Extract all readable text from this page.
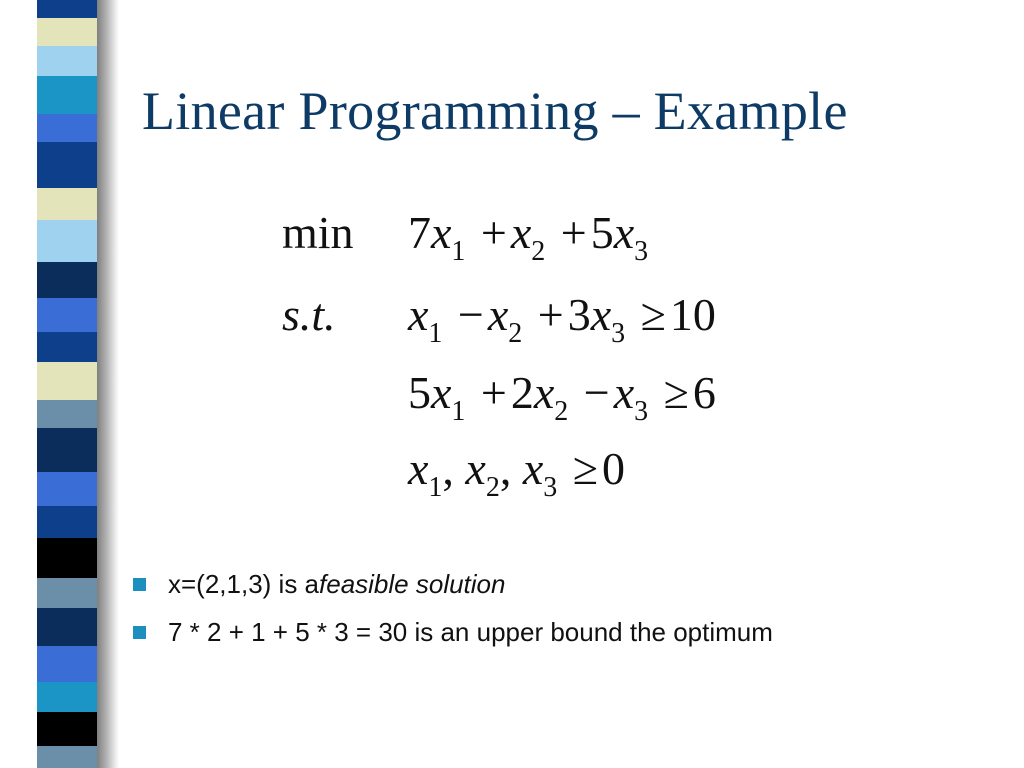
Linear Programming – Example
$\min 7x_1 +x_2 +5x_3$
s.t. $x_1 -x_2 +3x_3 \ge 10$
$5x_1 +2x_2 -x_3 \ge 6$
$x_1$, $x_2$, $x_3 \ge 0$
x=(2,1,3) is a feasible solution
7 * 2 + 1 + 5 * 3 = 30 is an upper bound the optimum
